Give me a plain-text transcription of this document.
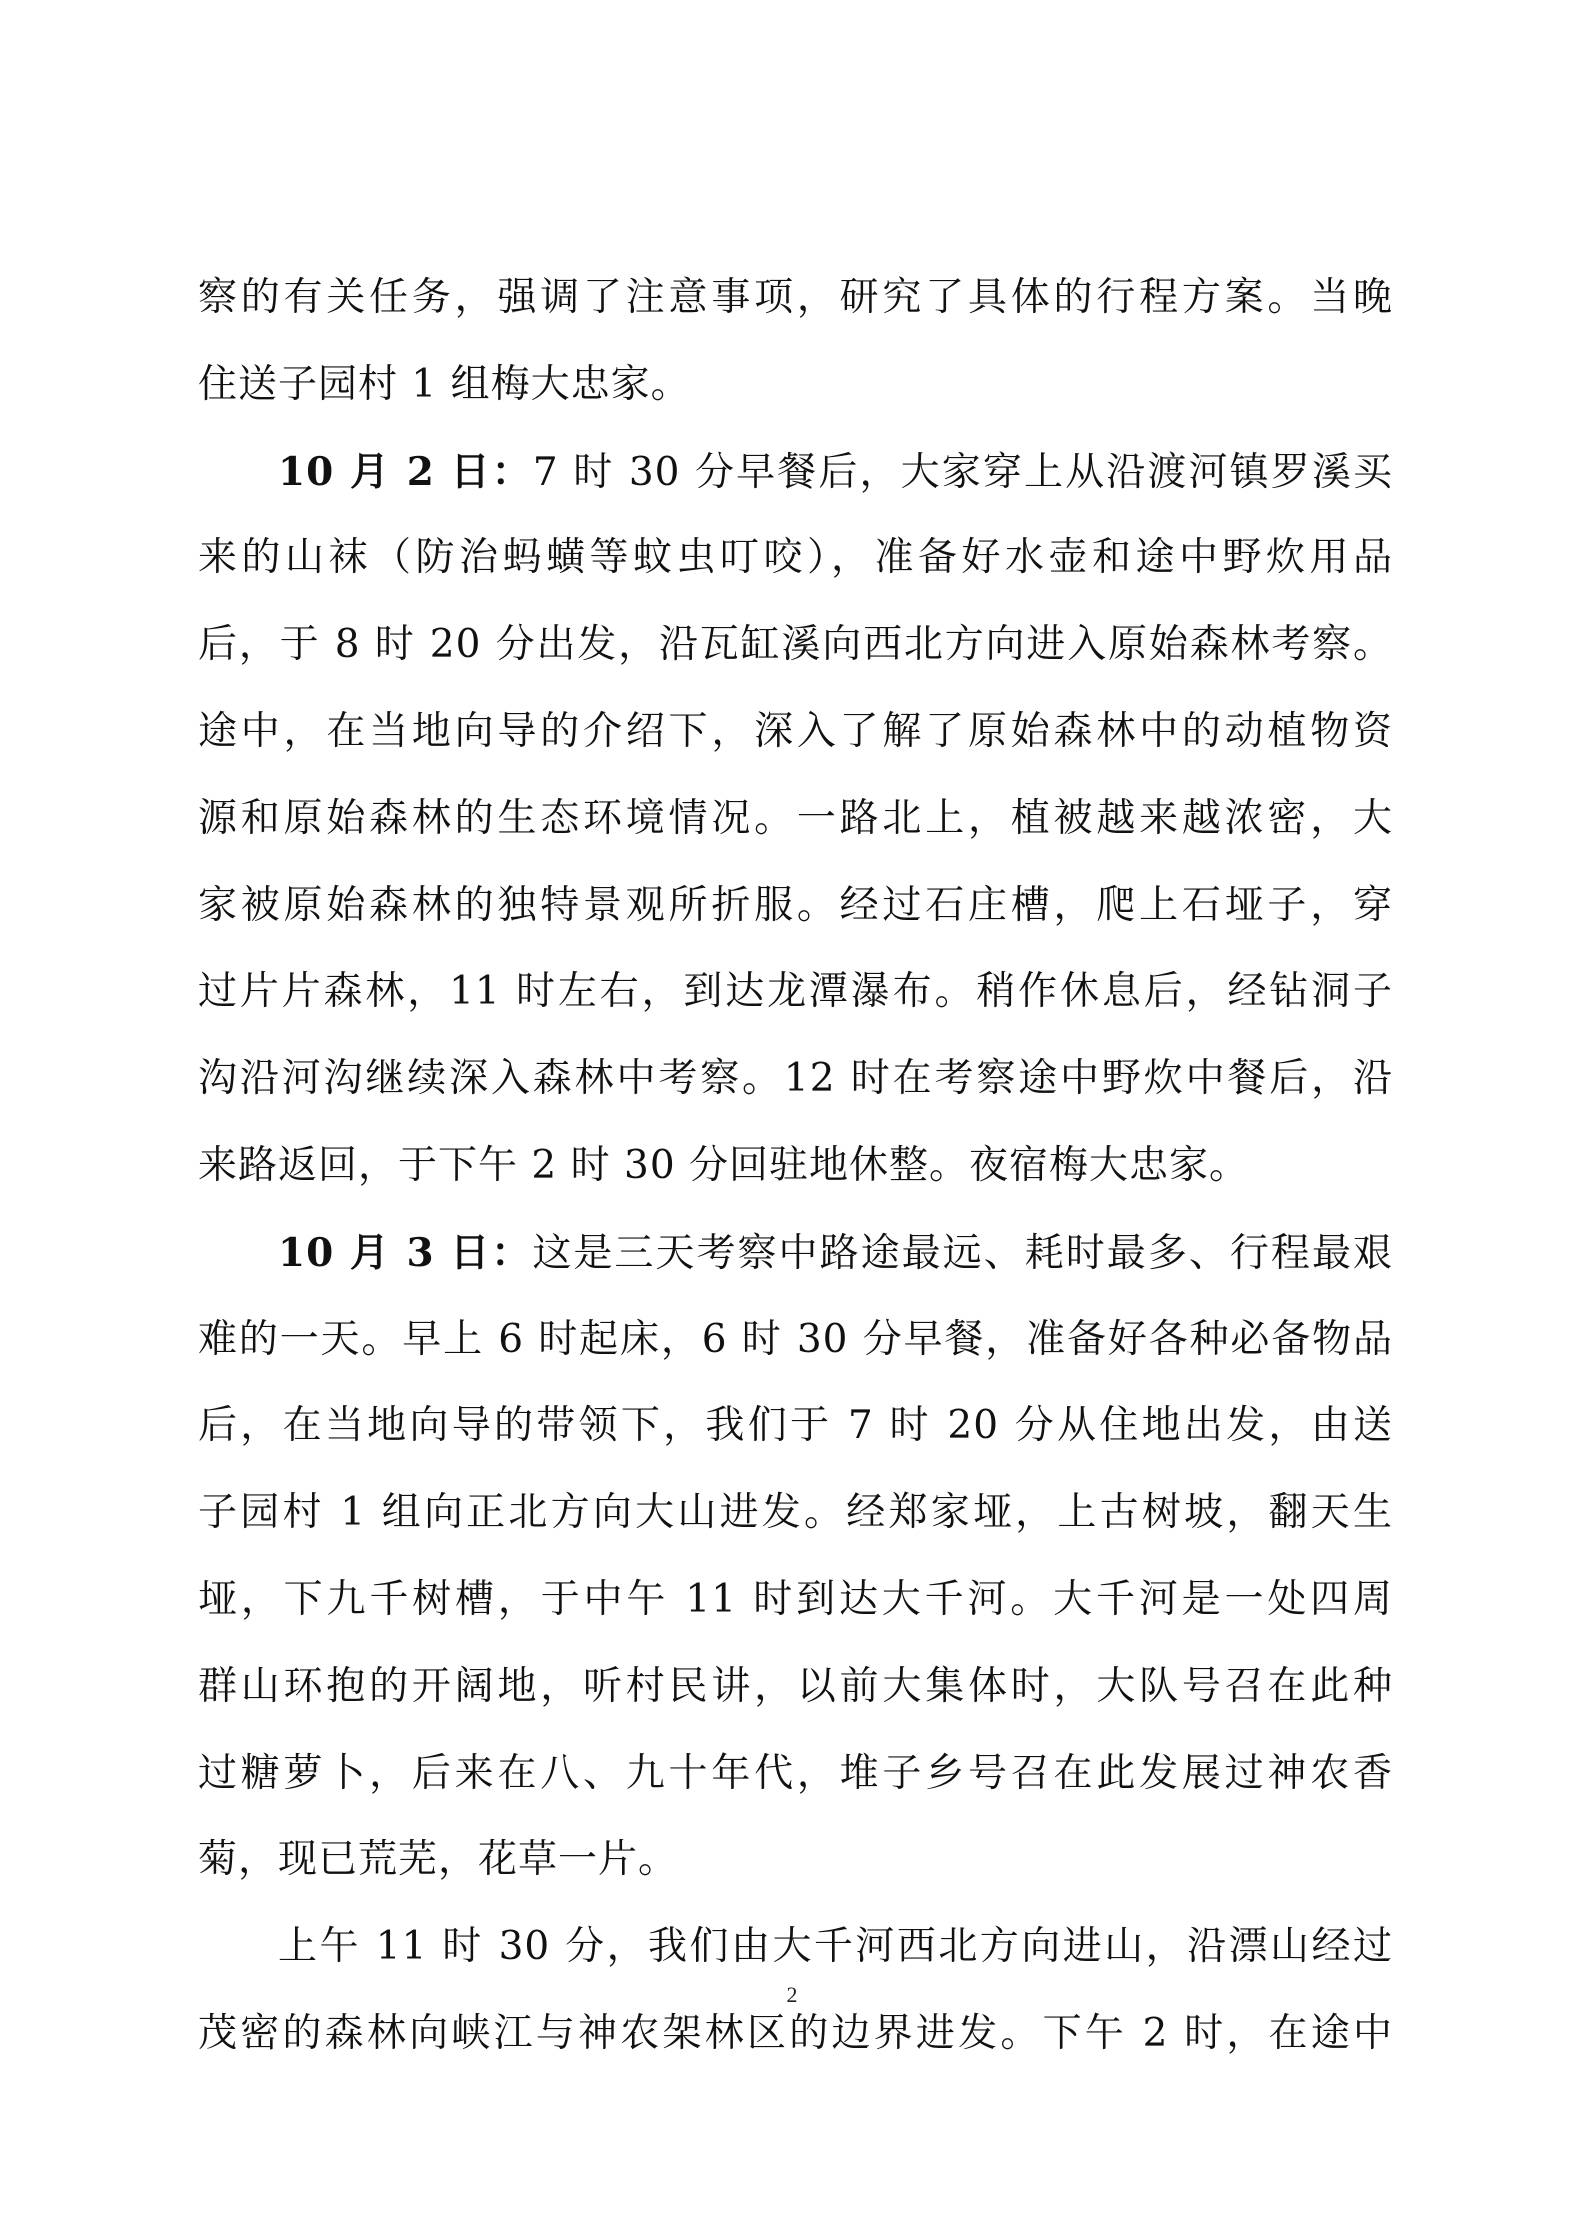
察的有关任务，强调了注意事项，研究了具体的行程方案。当晚
住送子园村 1 组梅大忠家。
10 月 2 日：7 时 30 分早餐后，大家穿上从沿渡河镇罗溪买
来的山袜（防治蚂蟥等蚊虫叮咬），准备好水壶和途中野炊用品
后，于 8 时 20 分出发，沿瓦缸溪向西北方向进入原始森林考察。
途中，在当地向导的介绍下，深入了解了原始森林中的动植物资
源和原始森林的生态环境情况。一路北上，植被越来越浓密，大
家被原始森林的独特景观所折服。经过石庄槽，爬上石垭子，穿
过片片森林，11 时左右，到达龙潭瀑布。稍作休息后，经钻洞子
沟沿河沟继续深入森林中考察。12 时在考察途中野炊中餐后，沿
来路返回，于下午 2 时 30 分回驻地休整。夜宿梅大忠家。
10 月 3 日：这是三天考察中路途最远、耗时最多、行程最艰
难的一天。早上 6 时起床，6 时 30 分早餐，准备好各种必备物品
后，在当地向导的带领下，我们于 7 时 20 分从住地出发，由送
子园村 1 组向正北方向大山进发。经郑家垭，上古树坡，翻天生
垭，下九千树槽，于中午 11 时到达大千河。大千河是一处四周
群山环抱的开阔地，听村民讲，以前大集体时，大队号召在此种
过糖萝卜，后来在八、九十年代，堆子乡号召在此发展过神农香
菊，现已荒芜，花草一片。
上午 11 时 30 分，我们由大千河西北方向进山，沿漂山经过
茂密的森林向峡江与神农架林区的边界进发。下午 2 时，在途中
2
